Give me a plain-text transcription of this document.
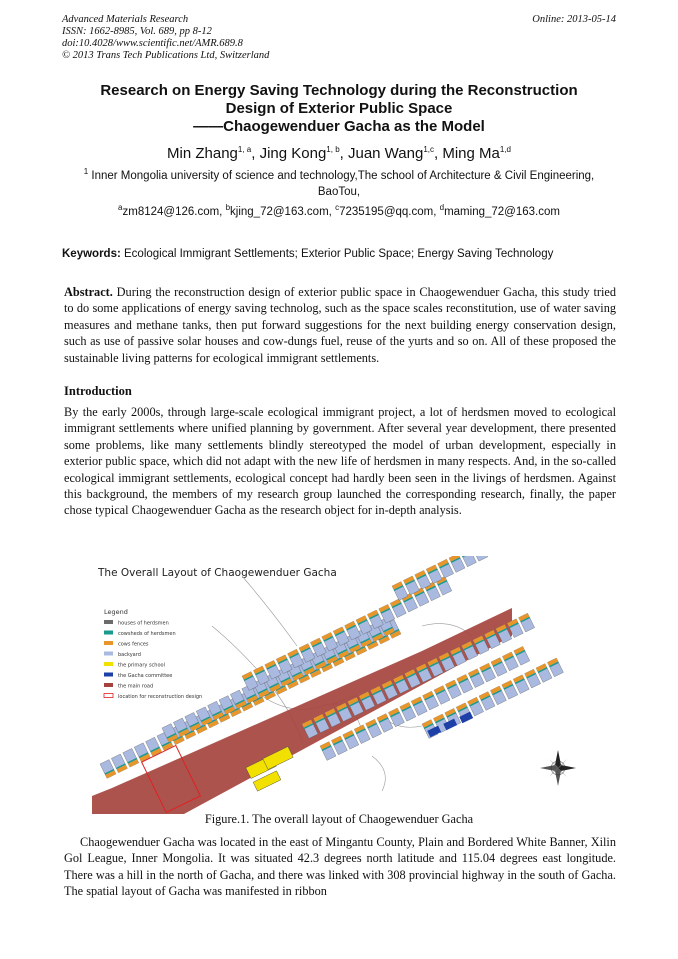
Advanced Materials Research
ISSN: 1662-8985, Vol. 689, pp 8-12
doi:10.4028/www.scientific.net/AMR.689.8
© 2013 Trans Tech Publications Ltd, Switzerland
Online: 2013-05-14
Research on Energy Saving Technology during the Reconstruction
Design of Exterior Public Space
——Chaogewenduer Gacha as the Model
Min Zhang$^{1, a}$, Jing Kong$^{1, b}$, Juan Wang$^{1,c}$, Ming Ma$^{1,d}$
$^1$ Inner Mongolia university of science and technology,The school of Architecture & Civil Engineering,
BaoTou,
$^a$zm8124@126.com, $^b$kjing_72@163.com, $^c$7235195@qq.com, $^d$maming_72@163.com
Keywords: Ecological Immigrant Settlements; Exterior Public Space; Energy Saving Technology
Abstract. During the reconstruction design of exterior public space in Chaogewenduer Gacha, this study tried to do some applications of energy saving technolog, such as the space scales reconstitution, use of water saving measures and methane tanks, then put forward suggestions for the next building energy conservation design, such as use of passive solar houses and cow-dungs fuel, reuse of the yurts and so on. All of these proposed the sustainable living patterns for ecological immigrant settlements.
Introduction
By the early 2000s, through large-scale ecological immigrant project, a lot of herdsmen moved to ecological immigrant settlements where unified planning by government. After several year development, there presented some problems, like many settlements blindly stereotyped the model of urban development, especially in exterior public space, which did not adapt with the new life of herdsmen in many respects. And, in the so-called ecological immigrant settlements, ecological concept had hardly been seen in the livings of herdsmen. Against this background, the members of my research group launched the corresponding research, finally, the paper chose typical Chaogewenduer Gacha as the research object for in-depth analysis.
The Overall Layout of Chaogewenduer Gacha
Legend
houses of herdsmen
cowsheds of herdsmen
cows fences
backyard
the primary school
the Gacha committee
the main road
location for reconstruction design
Figure.1. The overall layout of Chaogewenduer Gacha
Chaogewenduer Gacha was located in the east of Mingantu County, Plain and Bordered White Banner, Xilin Gol League, Inner Mongolia. It was situated 42.3 degrees north latitude and 115.04 degrees east longitude. There was a hill in the north of Gacha, and there was linked with 308 provincial highway in the south of Gacha. The spatial layout of Gacha was manifested in ribbon
